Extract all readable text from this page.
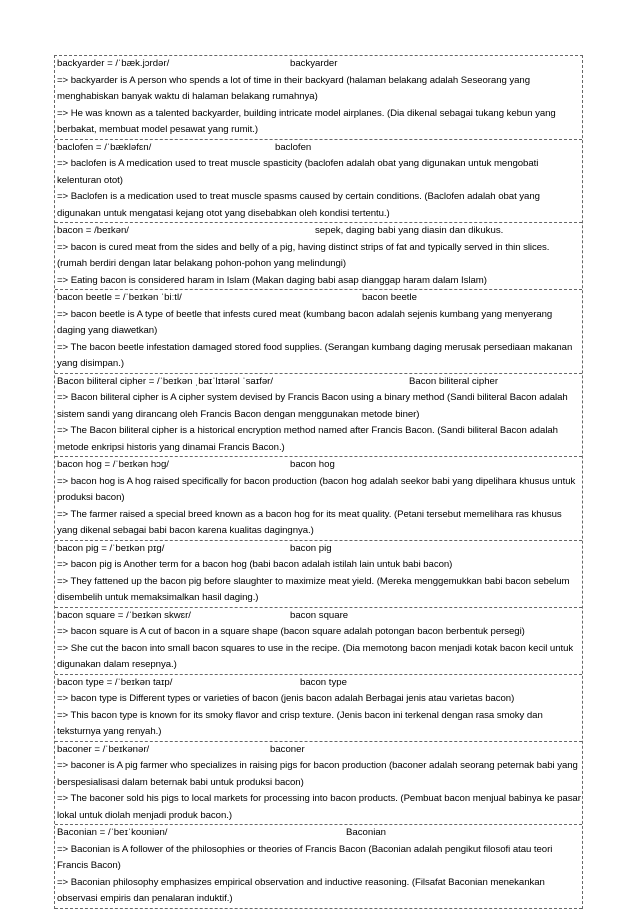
backyarder = /ˈbæk.jɔrdər/	backyarder
=> backyarder is A person who spends a lot of time in their backyard (halaman belakang adalah Seseorang yang menghabiskan banyak waktu di halaman belakang rumahnya)
=> He was known as a talented backyarder, building intricate model airplanes. (Dia dikenal sebagai tukang kebun yang berbakat, membuat model pesawat yang rumit.)
baclofen = /ˈbækləfɛn/	baclofen
=> baclofen is A medication used to treat muscle spasticity (baclofen adalah obat yang digunakan untuk mengobati kelenturan otot)
=> Baclofen is a medication used to treat muscle spasms caused by certain conditions. (Baclofen adalah obat yang digunakan untuk mengatasi kejang otot yang disebabkan oleh kondisi tertentu.)
bacon = /beɪkən/	sepek, daging babi yang diasin dan dikukus.
=> bacon is cured meat from the sides and belly of a pig, having distinct strips of fat and typically served in thin slices. (rumah berdiri dengan latar belakang pohon-pohon yang melindungi)
=> Eating bacon is considered haram in Islam (Makan daging babi asap dianggap haram dalam Islam)
bacon beetle = /ˈbeɪkən ˈbiːtl/	bacon beetle
=> bacon beetle is A type of beetle that infests cured meat (kumbang bacon adalah sejenis kumbang yang menyerang daging yang diawetkan)
=> The bacon beetle infestation damaged stored food supplies. (Serangan kumbang daging merusak persediaan makanan yang disimpan.)
Bacon biliteral cipher = /ˈbeɪkən ˌbaɪˈlɪtərəl ˈsaɪfər/	Bacon biliteral cipher
=> Bacon biliteral cipher is A cipher system devised by Francis Bacon using a binary method (Sandi biliteral Bacon adalah sistem sandi yang dirancang oleh Francis Bacon dengan menggunakan metode biner)
=> The Bacon biliteral cipher is a historical encryption method named after Francis Bacon. (Sandi biliteral Bacon adalah metode enkripsi historis yang dinamai Francis Bacon.)
bacon hog = /ˈbeɪkən hɔg/	bacon hog
=> bacon hog is A hog raised specifically for bacon production (bacon hog adalah seekor babi yang dipelihara khusus untuk produksi bacon)
=> The farmer raised a special breed known as a bacon hog for its meat quality. (Petani tersebut memelihara ras khusus yang dikenal sebagai babi bacon karena kualitas dagingnya.)
bacon pig = /ˈbeɪkən pɪg/	bacon pig
=> bacon pig is Another term for a bacon hog (babi bacon adalah istilah lain untuk babi bacon)
=> They fattened up the bacon pig before slaughter to maximize meat yield. (Mereka menggemukkan babi bacon sebelum disembelih untuk memaksimalkan hasil daging.)
bacon square = /ˈbeɪkən skwɛr/	bacon square
=> bacon square is A cut of bacon in a square shape (bacon square adalah potongan bacon berbentuk persegi)
=> She cut the bacon into small bacon squares to use in the recipe. (Dia memotong bacon menjadi kotak bacon kecil untuk digunakan dalam resepnya.)
bacon type = /ˈbeɪkən taɪp/	bacon type
=> bacon type is Different types or varieties of bacon (jenis bacon adalah Berbagai jenis atau varietas bacon)
=> This bacon type is known for its smoky flavor and crisp texture. (Jenis bacon ini terkenal dengan rasa smoky dan teksturnya yang renyah.)
baconer = /ˈbeɪkənər/	baconer
=> baconer is A pig farmer who specializes in raising pigs for bacon production (baconer adalah seorang peternak babi yang berspesialisasi dalam beternak babi untuk produksi bacon)
=> The baconer sold his pigs to local markets for processing into bacon products. (Pembuat bacon menjual babinya ke pasar lokal untuk diolah menjadi produk bacon.)
Baconian = /ˈbeɪˈkoʊniən/	Baconian
=> Baconian is A follower of the philosophies or theories of Francis Bacon (Baconian adalah pengikut filosofi atau teori Francis Bacon)
=> Baconian philosophy emphasizes empirical observation and inductive reasoning. (Filsafat Baconian menekankan observasi empiris dan penalaran induktif.)
